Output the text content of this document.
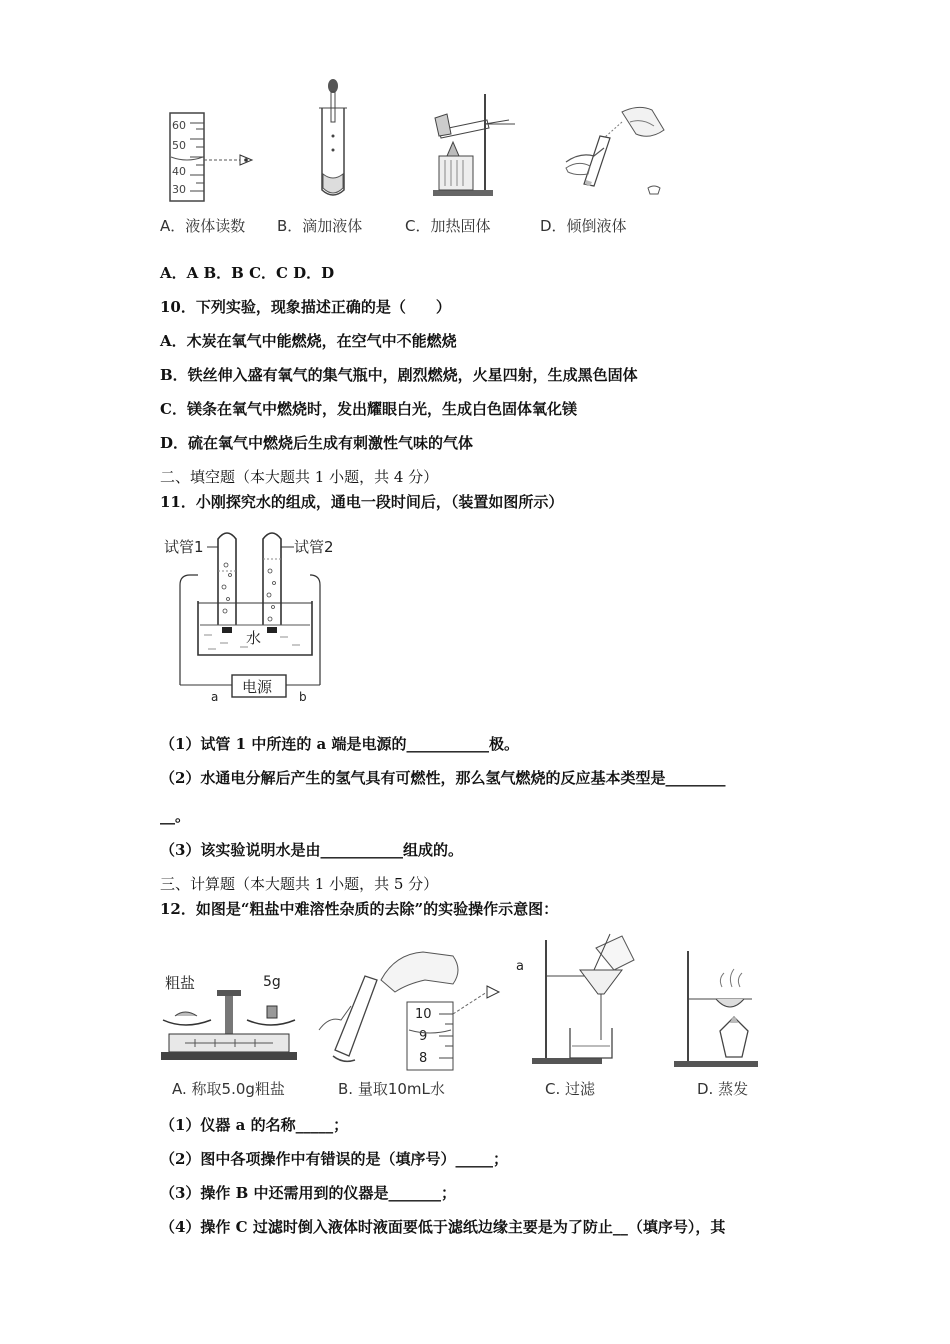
60
50
40
30
A．液体读数 B．滴加液体	C．加热固体	D．倾倒液体
A．A B．B C．C D．D
10．下列实验，现象描述正确的是（　　）
A．木炭在氧气中能燃烧，在空气中不能燃烧
B．铁丝伸入盛有氧气的集气瓶中，剧烈燃烧，火星四射，生成黑色固体
C．镁条在氧气中燃烧时，发出耀眼白光，生成白色固体氧化镁
D．硫在氧气中燃烧后生成有刺激性气味的气体
二、填空题（本大题共 1 小题，共 4 分）
11．小刚探究水的组成，通电一段时间后，（装置如图所示）
试管1	试管2
水
电源
a	b
（1）试管 1 中所连的 a 端是电源的___________极。
（2）水通电分解后产生的氢气具有可燃性，那么氢气燃烧的反应基本类型是________
__。
（3）该实验说明水是由___________组成的。
三、计算题（本大题共 1 小题，共 5 分）
12．如图是“粗盐中难溶性杂质的去除”的实验操作示意图：
粗盐	5g
10
9
8
a
A. 称取5.0g粗盐	B. 量取10mL水	C. 过滤	D. 蒸发
（1）仪器 a 的名称_____；
（2）图中各项操作中有错误的是（填序号）_____；
（3）操作 B 中还需用到的仪器是_______；
（4）操作 C 过滤时倒入液体时液面要低于滤纸边缘主要是为了防止__（填序号），其
